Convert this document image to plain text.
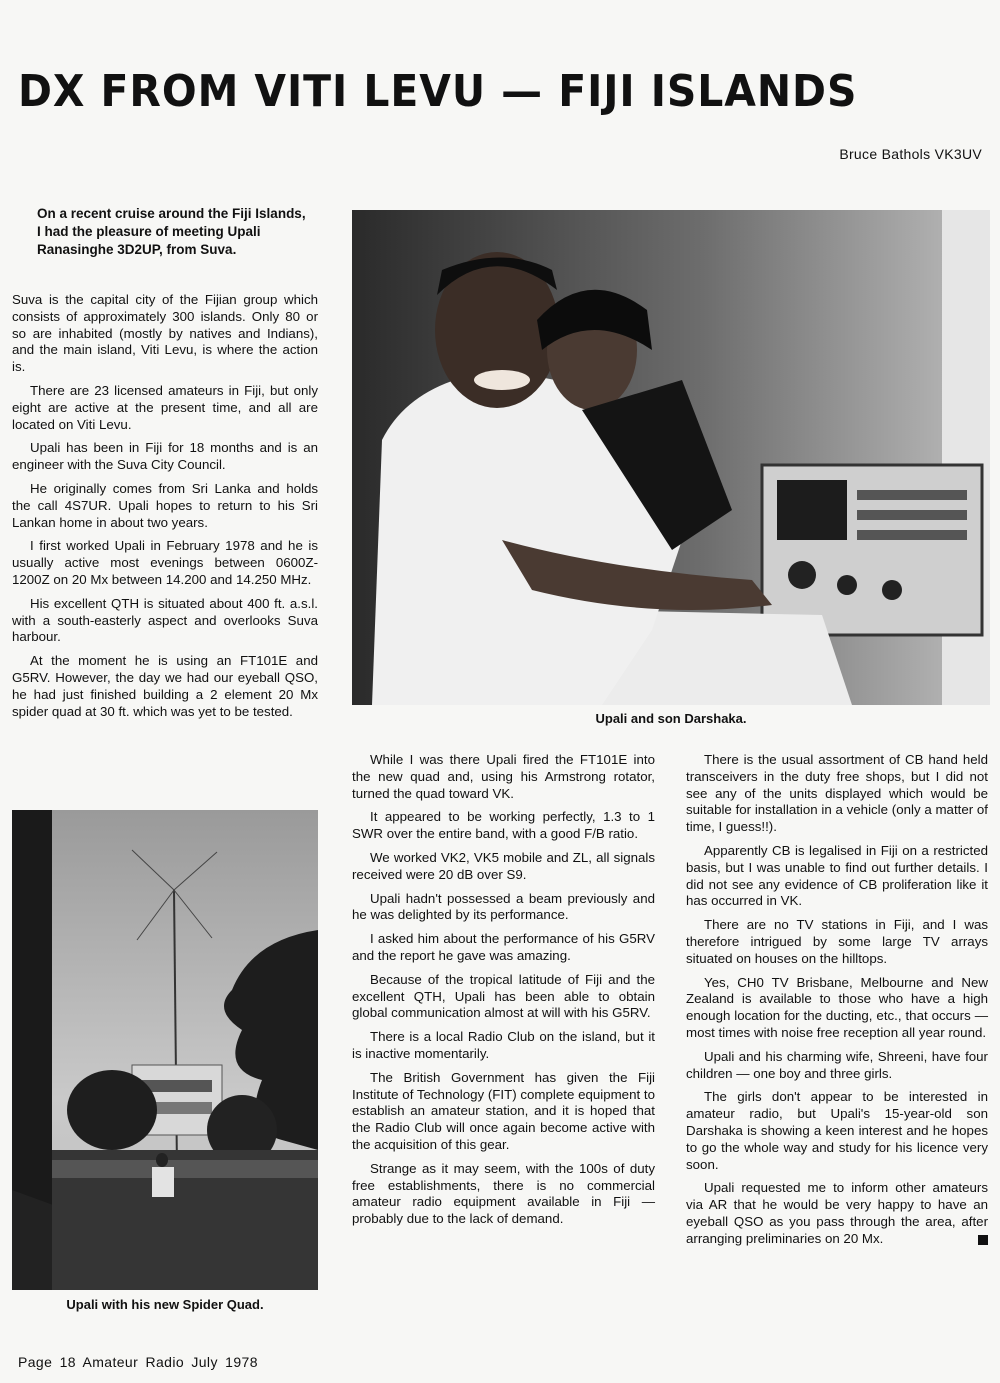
DX FROM VITI LEVU — FIJI ISLANDS
Bruce Bathols VK3UV
On a recent cruise around the Fiji Islands, I had the pleasure of meeting Upali Ranasinghe 3D2UP, from Suva.

Suva is the capital city of the Fijian group which consists of approximately 300 islands. Only 80 or so are inhabited (mostly by natives and Indians), and the main island, Viti Levu, is where the action is.

There are 23 licensed amateurs in Fiji, but only eight are active at the present time, and all are located on Viti Levu.

Upali has been in Fiji for 18 months and is an engineer with the Suva City Council.

He originally comes from Sri Lanka and holds the call 4S7UR. Upali hopes to return to his Sri Lankan home in about two years.

I first worked Upali in February 1978 and he is usually active most evenings between 0600Z-1200Z on 20 Mx between 14.200 and 14.250 MHz.

His excellent QTH is situated about 400 ft. a.s.l. with a south-easterly aspect and overlooks Suva harbour.

At the moment he is using an FT101E and G5RV. However, the day we had our eyeball QSO, he had just finished building a 2 element 20 Mx spider quad at 30 ft. which was yet to be tested.	Upali and son Darshaka.

While I was there Upali fired the FT101E into the new quad and, using his Armstrong rotator, turned the quad toward VK.

It appeared to be working perfectly, 1.3 to 1 SWR over the entire band, with a good F/B ratio.

We worked VK2, VK5 mobile and ZL, all signals received were 20 dB over S9.

Upali hadn't possessed a beam previously and he was delighted by its performance.

I asked him about the performance of his G5RV and the report he gave was amazing.

Because of the tropical latitude of Fiji and the excellent QTH, Upali has been able to obtain global communication almost at will with his G5RV.

There is a local Radio Club on the island, but it is inactive momentarily.

The British Government has given the Fiji Institute of Technology (FIT) complete equipment to establish an amateur station, and it is hoped that the Radio Club will once again become active with the acquisition of this gear.

Strange as it may seem, with the 100s of duty free establishments, there is no commercial amateur radio equipment available in Fiji — probably due to the lack of demand.

There is the usual assortment of CB hand held transceivers in the duty free shops, but I did not see any of the units displayed which would be suitable for installation in a vehicle (only a matter of time, I guess!!).

Apparently CB is legalised in Fiji on a restricted basis, but I was unable to find out further details. I did not see any evidence of CB proliferation like it has occurred in VK.

There are no TV stations in Fiji, and I was therefore intrigued by some large TV arrays situated on houses on the hilltops.

Yes, CH0 TV Brisbane, Melbourne and New Zealand is available to those who have a high enough location for the ducting, etc., that occurs — most times with noise free reception all year round.

Upali and his charming wife, Shreeni, have four children — one boy and three girls.

The girls don't appear to be interested in amateur radio, but Upali's 15-year-old son Darshaka is showing a keen interest and he hopes to go the whole way and study for his licence very soon.

Upali requested me to inform other amateurs via AR that he would be very happy to have an eyeball QSO as you pass through the area, after arranging preliminaries on 20 Mx.

Upali with his new Spider Quad.
Page 18 Amateur Radio July 1978
